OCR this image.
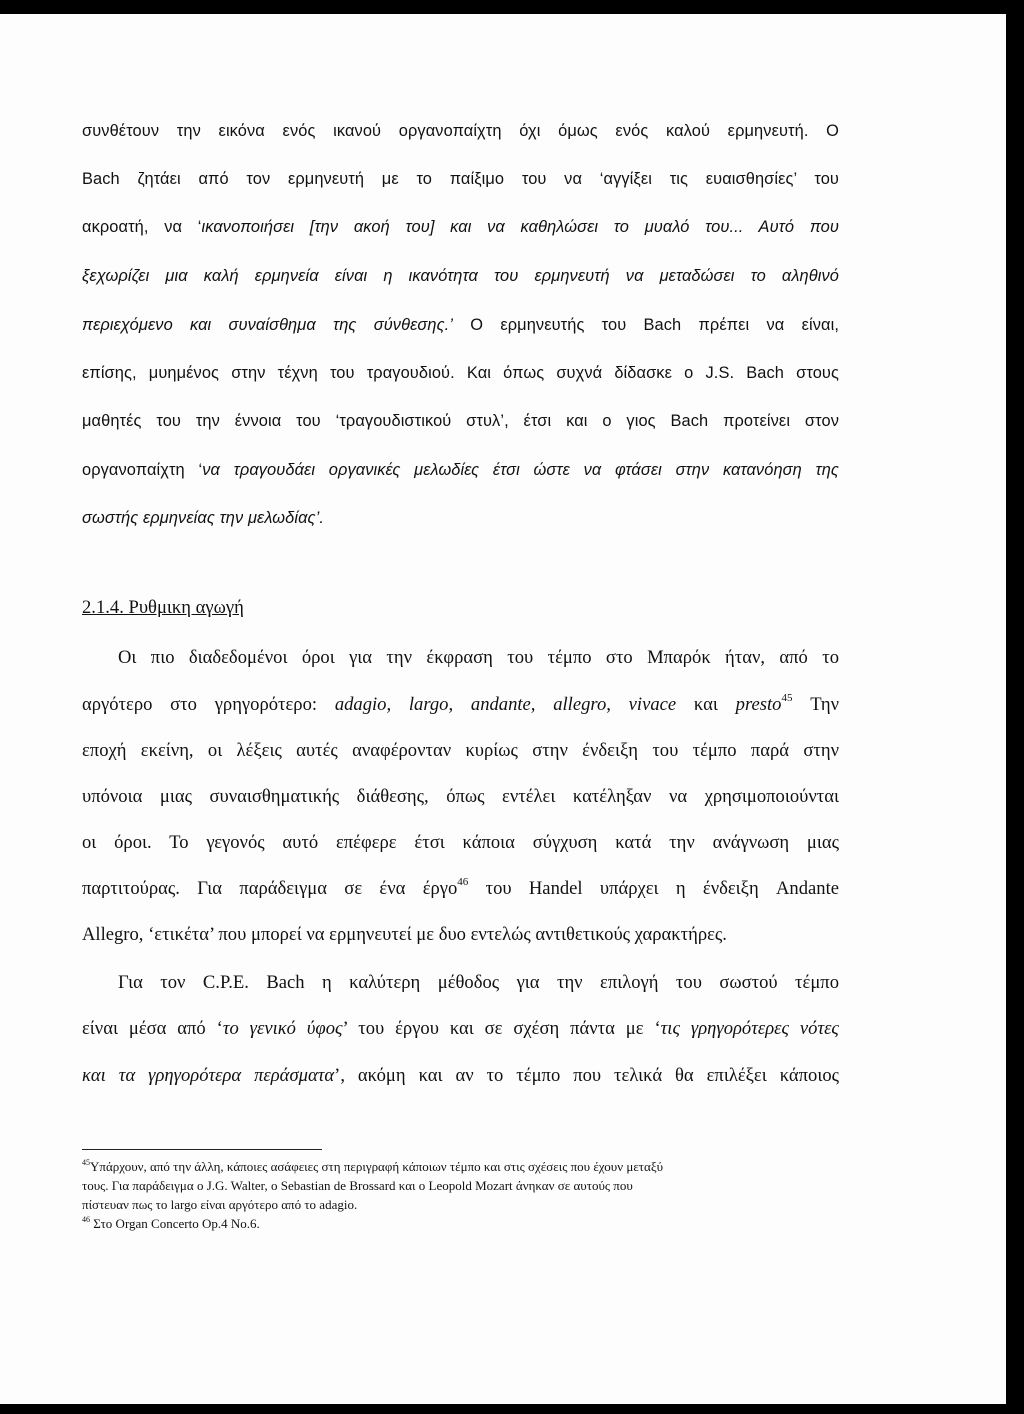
συνθέτουν την εικόνα ενός ικανού οργανοπαίχτη όχι όμως ενός καλού ερμηνευτή. Ο
Bach ζητάει από τον ερμηνευτή με το παίξιμο του να ‘αγγίξει τις ευαισθησίες’ του
ακροατή, να ‘ικανοποιήσει [την ακοή του] και να καθηλώσει το μυαλό του... Αυτό που
ξεχωρίζει μια καλή ερμηνεία είναι η ικανότητα του ερμηνευτή να μεταδώσει το αληθινό
περιεχόμενο και συναίσθημα της σύνθεσης.’ Ο ερμηνευτής του Bach πρέπει να είναι,
επίσης, μυημένος στην τέχνη του τραγουδιού. Και όπως συχνά δίδασκε ο J.S. Bach στους
μαθητές του την έννοια του ‘τραγουδιστικού στυλ’, έτσι και ο γιος Bach προτείνει στον
οργανοπαίχτη ‘να τραγουδάει οργανικές μελωδίες έτσι ώστε να φτάσει στην κατανόηση της
σωστής ερμηνείας την μελωδίας’.
2.1.4. Ρυθμικη αγωγή
Οι πιο διαδεδομένοι όροι για την έκφραση του τέμπο στο Μπαρόκ ήταν, από το
αργότερο στο γρηγορότερο: adagio, largo, andante, allegro, vivace και presto$^{45}$ Την
εποχή εκείνη, οι λέξεις αυτές αναφέρονταν κυρίως στην ένδειξη του τέμπο παρά στην
υπόνοια μιας συναισθηματικής διάθεσης, όπως εντέλει κατέληξαν να χρησιμοποιούνται
οι όροι. Το γεγονός αυτό επέφερε έτσι κάποια σύγχυση κατά την ανάγνωση μιας
παρτιτούρας. Για παράδειγμα σε ένα έργο$^{46}$ του Handel υπάρχει η ένδειξη Andante
Allegro, ‘ετικέτα’ που μπορεί να ερμηνευτεί με δυο εντελώς αντιθετικούς χαρακτήρες.
Για τον C.P.E. Bach η καλύτερη μέθοδος για την επιλογή του σωστού τέμπο
είναι μέσα από ‘το γενικό ύφος’ του έργου και σε σχέση πάντα με ‘τις γρηγορότερες νότες
και τα γρηγορότερα περάσματα’, ακόμη και αν το τέμπο που τελικά θα επιλέξει κάποιος
$^{45}$Υπάρχουν, από την άλλη, κάποιες ασάφειες στη περιγραφή κάποιων τέμπο και στις σχέσεις που έχουν μεταξύ
τους. Για παράδειγμα ο J.G. Walter, ο Sebastian de Brossard και ο Leopold Mozart άνηκαν σε αυτούς που
πίστευαν πως το largo είναι αργότερο από το adagio.
$^{46}$ Στο Organ Concerto Op.4 No.6.
